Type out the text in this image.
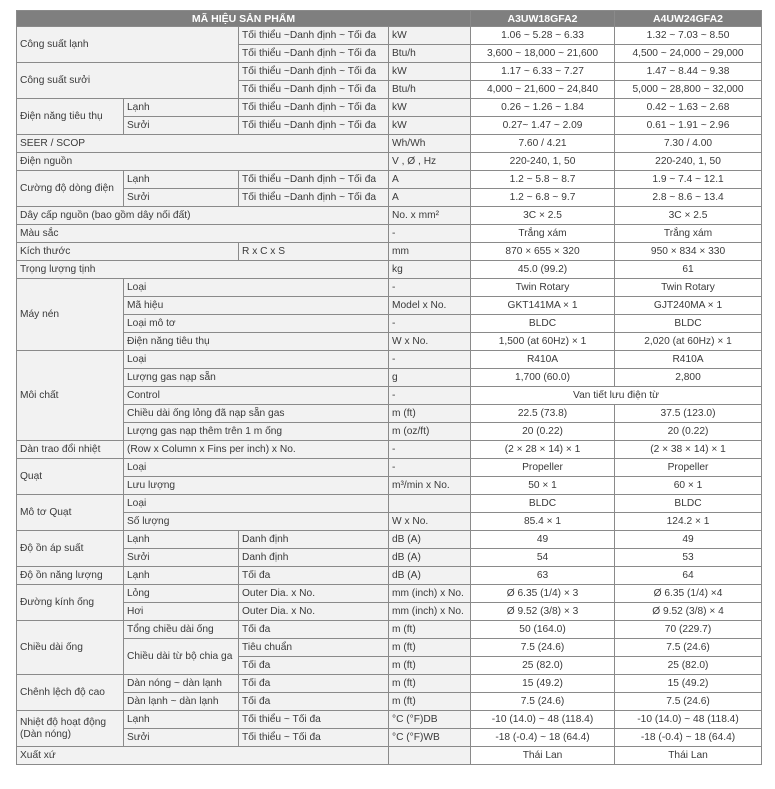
MÃ HIỆU SẢN PHẨM				A3UW18GFA2	A4UW24GFA2
Công suất lạnh		Tối thiểu ~Danh định ~ Tối đa	kW	1.06 ~ 5.28 ~ 6.33	1.32 ~ 7.03 ~ 8.50
		Tối thiểu ~Danh định ~ Tối đa	Btu/h	3,600 ~ 18,000 ~ 21,600	4,500 ~ 24,000 ~ 29,000
Công suất sưởi		Tối thiểu ~Danh định ~ Tối đa	kW	1.17 ~ 6.33 ~ 7.27	1.47 ~ 8.44 ~ 9.38
		Tối thiểu ~Danh định ~ Tối đa	Btu/h	4,000 ~ 21,600 ~ 24,840	5,000 ~ 28,800 ~ 32,000
Điện năng tiêu thụ	Lạnh	Tối thiểu ~Danh định ~ Tối đa	kW	0.26 ~ 1.26 ~ 1.84	0.42 ~ 1.63 ~ 2.68
	Sưởi	Tối thiểu ~Danh định ~ Tối đa	kW	0.27~ 1.47 ~ 2.09	0.61 ~ 1.91 ~ 2.96
SEER / SCOP			Wh/Wh	7.60 / 4.21	7.30 / 4.00
Điện nguồn			V , Ø , Hz	220-240, 1, 50	220-240, 1, 50
Cường độ dòng điện	Lạnh	Tối thiểu ~Danh định ~ Tối đa	A	1.2 ~ 5.8 ~ 8.7	1.9 ~ 7.4 ~ 12.1
	Sưởi	Tối thiểu ~Danh định ~ Tối đa	A	1.2 ~ 6.8 ~ 9.7	2.8 ~ 8.6 ~ 13.4
Dây cấp nguồn (bao gồm dây nối đất)			No. x mm²	3C × 2.5	3C × 2.5
Màu sắc			-	Trắng xám	Trắng xám
Kích thước		R x C x S	mm	870 × 655 × 320	950 × 834 × 330
Trọng lượng tịnh			kg	45.0 (99.2)	61
Máy nén	Loại		-	Twin Rotary	Twin Rotary
	Mã hiệu		Model x No.	GKT141MA × 1	GJT240MA × 1
	Loại mô tơ		-	BLDC	BLDC
	Điện năng tiêu thụ		W x No.	1,500 (at 60Hz) × 1	2,020 (at 60Hz) × 1
Môi chất	Loại		-	R410A	R410A
	Lượng gas nạp sẵn		g	1,700 (60.0)	2,800
	Control		-	Van tiết lưu điện từ	
	Chiều dài ống lỏng đã nạp sẵn gas		m (ft)	22.5 (73.8)	37.5 (123.0)
	Lượng gas nạp thêm trên 1 m ống		m (oz/ft)	20 (0.22)	20 (0.22)
Dàn trao đổi nhiệt	(Row x Column x Fins per inch) x No.		-	(2 × 28 × 14) × 1	(2 × 38 × 14) × 1
Quạt	Loại		-	Propeller	Propeller
	Lưu lượng		m³/min x No.	50 × 1	60 × 1
Mô tơ Quạt	Loại			BLDC	BLDC
	Số lượng		W x No.	85.4 × 1	124.2 × 1
Độ ồn áp suất	Lạnh	Danh định	dB (A)	49	49
	Sưởi	Danh định	dB (A)	54	53
Độ ồn năng lượng	Lạnh	Tối đa	dB (A)	63	64
Đường kính ống	Lỏng	Outer Dia. x No.	mm (inch) x No.	Ø 6.35 (1/4) × 3	Ø 6.35 (1/4) ×4
	Hơi	Outer Dia. x No.	mm (inch) x No.	Ø 9.52 (3/8) × 3	Ø 9.52 (3/8) × 4
Chiều dài ống	Tổng chiều dài ống	Tối đa	m (ft)	50 (164.0)	70 (229.7)
	Chiều dài từ bộ chia ga	Tiêu chuẩn	m (ft)	7.5 (24.6)	7.5 (24.6)
		Tối đa	m (ft)	25 (82.0)	25 (82.0)
Chênh lệch độ cao	Dàn nóng ~ dàn lạnh	Tối đa	m (ft)	15 (49.2)	15 (49.2)
	Dàn lạnh ~ dàn lạnh	Tối đa	m (ft)	7.5 (24.6)	7.5 (24.6)
Nhiệt độ hoạt động (Dàn nóng)	Lạnh	Tối thiểu ~ Tối đa	°C (°F)DB	-10 (14.0) ~ 48 (118.4)	-10 (14.0) ~ 48 (118.4)
	Sưởi	Tối thiểu ~ Tối đa	°C (°F)WB	-18 (-0.4) ~ 18 (64.4)	-18 (-0.4) ~ 18 (64.4)
Xuất xứ				Thái Lan	Thái Lan
